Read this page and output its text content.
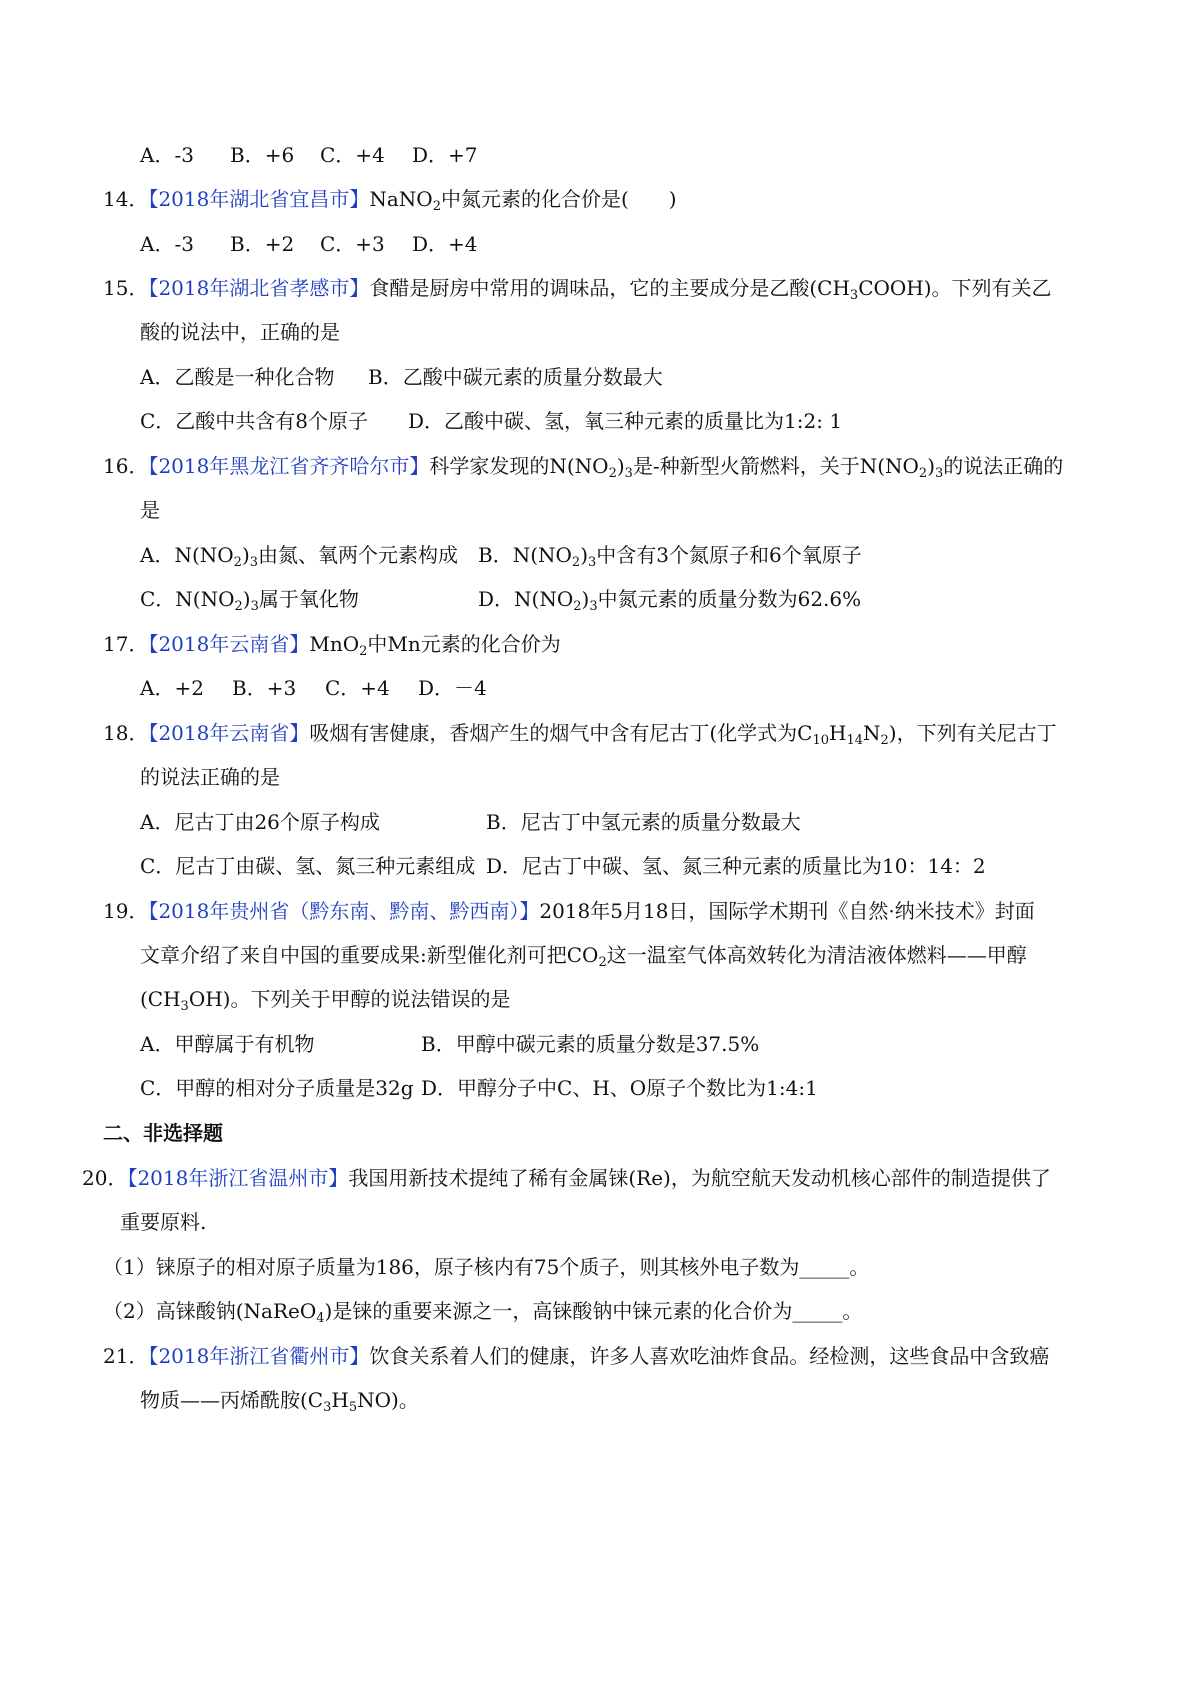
A．-3 B．+6 C．+4 D．+7
14．【2018年湖北省宜昌市】NaNO$_2$中氮元素的化合价是(　　)
A．-3 B．+2 C．+3 D．+4
15．【2018年湖北省孝感市】食醋是厨房中常用的调味品，它的主要成分是乙酸$(CH_3COOH)$。下列有关乙
酸的说法中，正确的是
A．乙酸是一种化合物 B．乙酸中碳元素的质量分数最大
C．乙酸中共含有8个原子 D．乙酸中碳、氢，氧三种元素的质量比为1:2: 1
16．【2018年黑龙江省齐齐哈尔市】科学家发现的$N(NO_2)_3$是-种新型火箭燃料，关于$N(NO_2)_3$的说法正确的
是
A．$N(NO_2)_3$由氮、氧两个元素构成 B．$N(NO_2)_3$中含有3个氮原子和6个氧原子
C．$N(NO_2)_3$属于氧化物	D．$N(NO_2)_3$中氮元素的质量分数为62.6%
17．【2018年云南省】MnO$_2$中Mn元素的化合价为
A．+2 B．+3 C．+4 D．－4
18．【2018年云南省】吸烟有害健康，香烟产生的烟气中含有尼古丁(化学式为$C_{10}H_{14}N_2$)，下列有关尼古丁
的说法正确的是
A．尼古丁由26个原子构成	B．尼古丁中氢元素的质量分数最大
C．尼古丁由碳、氢、氮三种元素组成 D．尼古丁中碳、氢、氮三种元素的质量比为10：14：2
19．【2018年贵州省（黔东南、黔南、黔西南）】2018年5月18日，国际学术期刊《自然·纳米技术》封面
文章介绍了来自中国的重要成果:新型催化剂可把$CO_2$这一温室气体高效转化为清洁液体燃料——甲醇
$(CH_3OH)$。下列关于甲醇的说法错误的是
A．甲醇属于有机物	B．甲醇中碳元素的质量分数是37.5%
C．甲醇的相对分子质量是32g D．甲醇分子中C、H、O原子个数比为1:4:1
二、非选择题
20．【2018年浙江省温州市】我国用新技术提纯了稀有金属铼(Re)，为航空航天发动机核心部件的制造提供了
重要原料.
（1）铼原子的相对原子质量为186，原子核内有75个质子，则其核外电子数为_____。
（2）高铼酸钠(NaReO$_4$)是铼的重要来源之一，高铼酸钠中铼元素的化合价为_____。
21．【2018年浙江省衢州市】饮食关系着人们的健康，许多人喜欢吃油炸食品。经检测，这些食品中含致癌
物质——丙烯酰胺$(C_3H_5NO)$。
